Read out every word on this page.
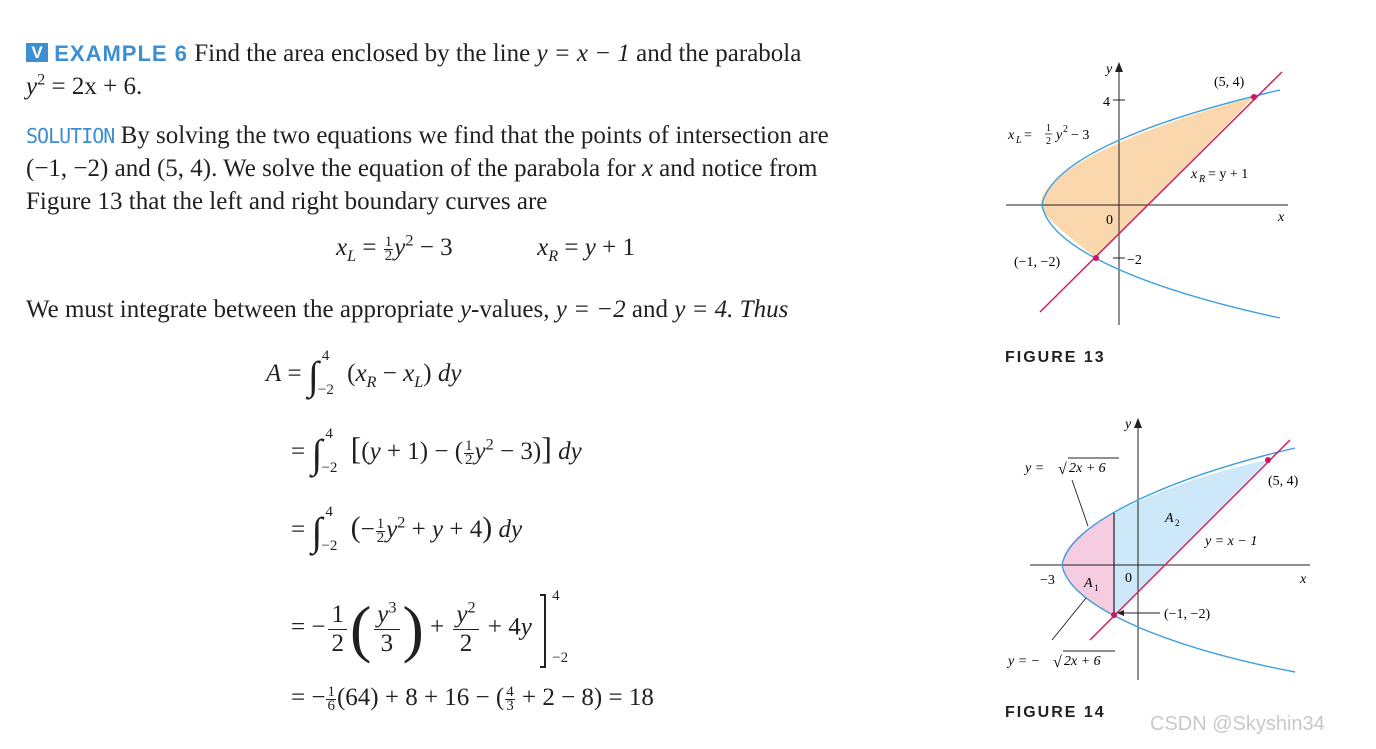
V EXAMPLE 6 Find the area enclosed by the line y = x − 1 and the parabola
$y^2 = 2x + 6$.
SOLUTION By solving the two equations we find that the points of intersection are
(−1, −2) and (5, 4). We solve the equation of the parabola for x and notice from
Figure 13 that the left and right boundary curves are
$x_L = \frac{1}{2} y^2 - 3$	$x_R = y + 1$
We must integrate between the appropriate y-values, y = −2 and y = 4. Thus
A = ∫ 4
−2
$(x_R - x_L)$ dy
= ∫ 4
−2
[(y + 1) − ( $\frac{1}{2} y^2 - 3$)] dy
= ∫ 4
−2
(− $\frac{1}{2} y^2 + y + 4$) dy
= − $\frac{1}{2}$ ( $\frac{y^3}{3}$ ) + $\frac{y^2}{2} + 4y$
4
−2
= − $\frac{1}{6} (64) + 8 + 16$ − ( $\frac{4}{3} + 2 - 8) = 18$
y
x
4
0
−2
(5, 4)
(−1, −2)
x L = 1
2 y 2 − 3
x R = y + 1
FIGURE 13
y
x
−3	0
(5, 4)
(−1, −2)
y = x − 1
A 1
A 2
y = √ 2x + 6
y = − √ 2x + 6
FIGURE 14
CSDN @Skyshin34
